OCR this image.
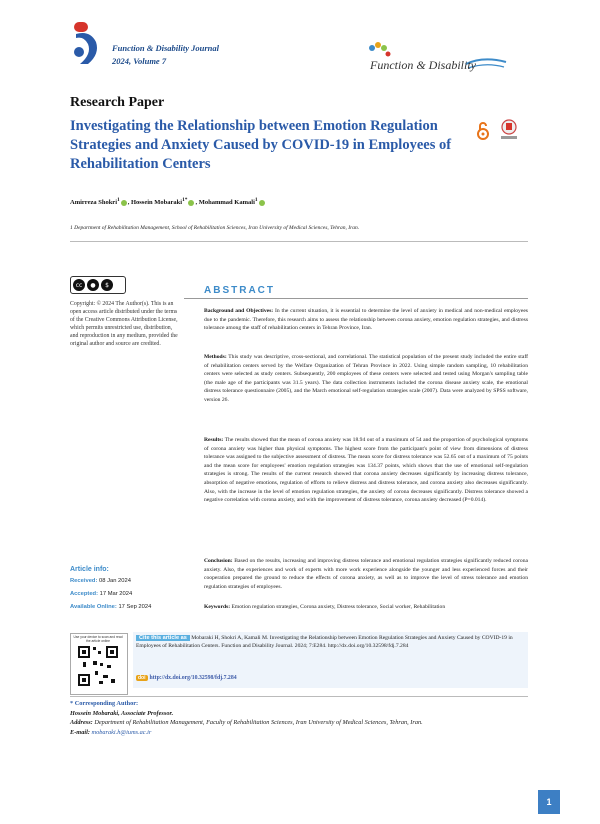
Function & Disability Journal
2024, Volume 7	Function & Disability
Research Paper
Investigating the Relationship between Emotion Regulation Strategies and Anxiety Caused by COVID-19 in Employees of Rehabilitation Centers
Amirreza Shokri$^1$ , Hossein Mobaraki$^{1*}$ , Mohammad Kamali$^1$
1 Department of Rehabilitation Management, School of Rehabilitation Sciences, Iran University of Medical Sciences, Tehran, Iran.
cc	●	$
Copyright: © 2024 The Author(s). This is an open access article distributed under the terms of the Creative Commons Attribution License, which permits unrestricted use, distribution, and reproduction in any medium, provided the original author and source are credited.
Article info:
Received: 08 Jan 2024
Accepted: 17 Mar 2024
Available Online: 17 Sep 2024
Use your device to scan and read the article online
ABSTRACT
Background and Objectives: In the current situation, it is essential to determine the level of anxiety in medical and non-medical employees due to the pandemic. Therefore, this research aims to assess the relationship between corona anxiety, emotion regulation strategies, and distress tolerance among the staff of rehabilitation centers in Tehran Province, Iran.
Methods: This study was descriptive, cross-sectional, and correlational. The statistical population of the present study included the entire staff of rehabilitation centers served by the Welfare Organization of Tehran Province in 2022. Using simple random sampling, 10 rehabilitation centers were selected as study centers. Subsequently, 200 employees of these centers were selected and tested using Morgan's sampling table (the male age of the participants was 31.5 years). The data collection instruments included the corona disease anxiety scale, the emotional distress tolerance questionnaire (2005), and the March emotional self-regulation strategies scale (2007). Data were analyzed by SPSS software, version 26.
Results: The results showed that the mean of corona anxiety was 18.94 out of a maximum of 54 and the proportion of psychological symptoms of corona anxiety was higher than physical symptoms. The highest score from the participant's point of view from dimensions of distress tolerance was assigned to the subjective assessment of distress. The mean score for distress tolerance was 52.65 out of a maximum of 75 points and the mean score for employees' emotion regulation strategies was 134.37 points, which shows that the use of emotional self-regulation strategies is strong. The results of the current research showed that corona anxiety decreases significantly by increasing distress tolerance, absorption of negative emotions, regulation of efforts to relieve distress and distress tolerance, and corona anxiety also decreases significantly. Also, with the increase in the level of emotion regulation strategies, the anxiety of corona decreases significantly. Distress tolerance showed a negative correlation with corona anxiety, and with the improvement of distress tolerance, corona anxiety decreased (P=0.014).
Conclusion: Based on the results, increasing and improving distress tolerance and emotional regulation strategies significantly reduced corona anxiety. Also, the experiences and work of experts with more work experience alongside the younger and less experienced forces and their cooperation prepared the ground to reduce the effects of corona anxiety, as well as to improve the level of stress tolerance and emotion regulation strategies of employees.
Keywords: Emotion regulation strategies, Corona anxiety, Distress tolerance, Social worker, Rehabilitation
Cite this article as Mobaraki H, Shokri A, Kamali M. Investigating the Relationship between Emotion Regulation Strategies and Anxiety Caused by COVID-19 in Employees of Rehabilitation Centers. Function and Disability Journal. 2024; 7:E284. http://dx.doi.org/10.32598/fdj.7.284
doi http://dx.doi.org/10.32598/fdj.7.284
* Corresponding Author:
Hossein Mobaraki, Associate Professor.
Address: Department of Rehabilitation Management, Faculty of Rehabilitation Sciences, Iran University of Medical Sciences, Tehran, Iran.
E-mail: mobaraki.h@iums.ac.ir
1
